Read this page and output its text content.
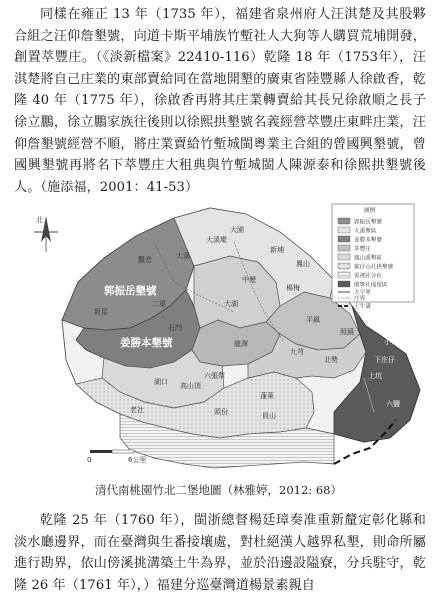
同樣在雍正 13 年（1735 年），福建省泉州府人汪淇楚及其股夥合組之汪仰詹墾號，向道卡斯平埔族竹塹社人大狗等人購買荒埔開發，創置萃豐庄。（《淡新檔案》22410-116）乾隆 18 年（1753年），汪淇楚將自己庄業的東部賣給同在當地開墾的廣東省陸豐縣人徐啟香，乾隆 40 年（1775 年），徐啟香再將其庄業轉賣給其長兄徐啟順之長子徐立鵬，徐立鵬家族往後則以徐熙拱墾號名義經營萃豐庄東畔庄業，汪仰詹墾號經營不順，將庄業賣給竹塹城閩粵業主合組的曾國興墾號，曾國興墾號再將名下萃豐庄大租典與竹塹城閩人陳源泰和徐熙拱墾號後人。（施添福，2001：41-53）
北
圖例
郭振岳墾號
大溪墾區
姜勝本墾號
萃豐庄
鳳山溪墾區
猴仔山社拱墾號
霄裡社分社
閩粵社保留區
大字界
庄界
土牛溝
郭振岳墾號
姜勝本墾號
大溪
大園
中壢
湖口
新埔
鳳山
大湖
平鎮
龍潭
楊梅
觀音
新屋
頭份
大溪墘
北勢
石門
蓬萊
上坑
高山頂
下庄仔
員山
九芎
六張犁
老社
小大龍
六鹽
照鏡
二重
0	6公里
清代南桃園竹北二堡地圖（林雅婷，2012: 68）
乾隆 25 年（1760 年），閩浙總督楊廷璋奏准重新釐定彰化縣和淡水廳邊界，而在臺灣與生番接壤處，對杜絕漢人越界私墾，則命所屬進行勘界，依山傍溪挑溝築土牛為界，並於沿邊設隘寮，分兵駐守，乾隆 26 年（1761 年），）福建分巡臺灣道楊景素親自
